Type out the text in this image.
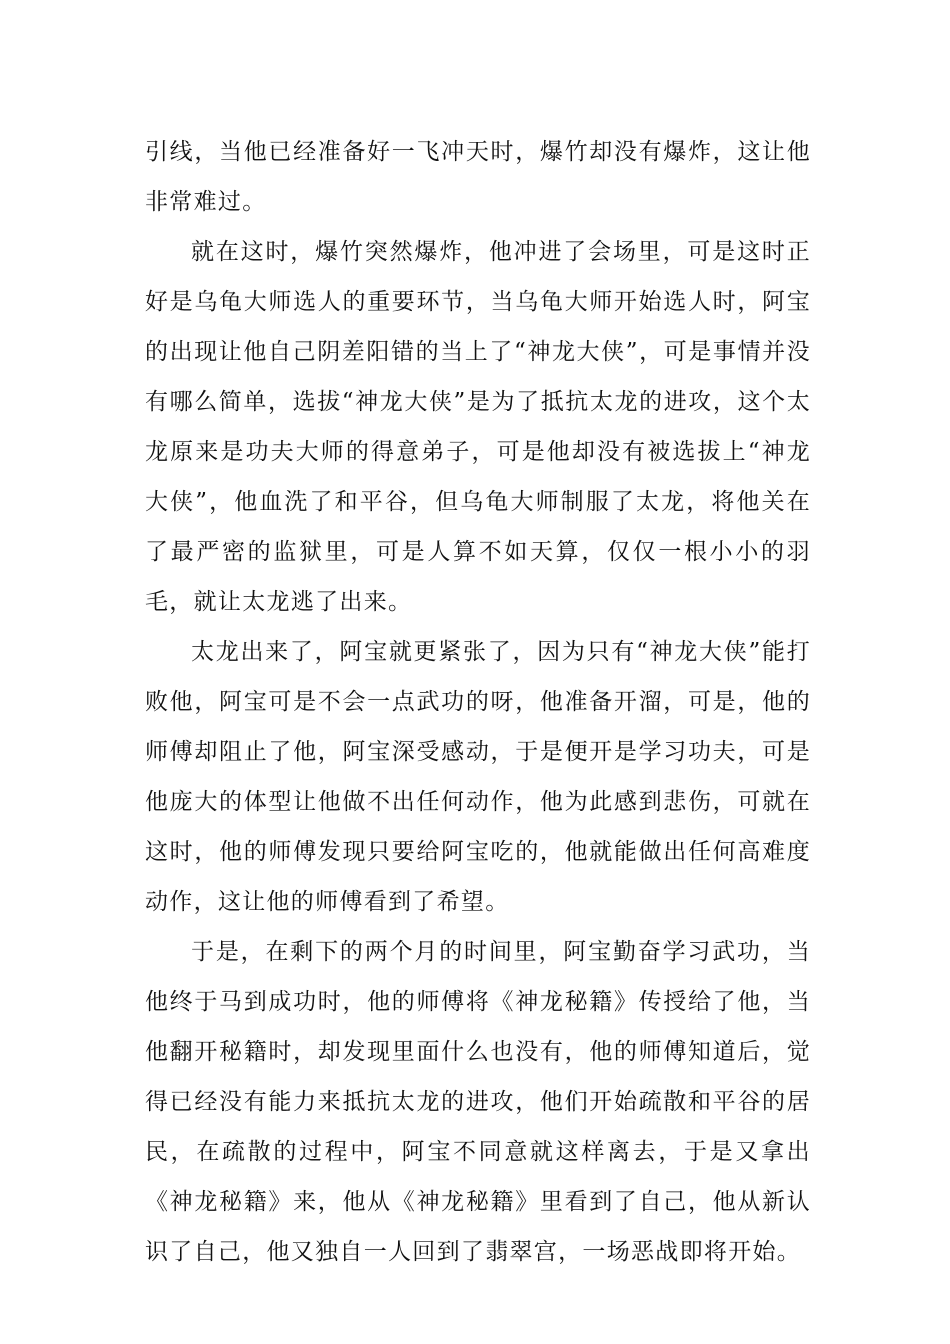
引线，当他已经准备好一飞冲天时，爆竹却没有爆炸，这让他非常难过。

就在这时，爆竹突然爆炸，他冲进了会场里，可是这时正好是乌龟大师选人的重要环节，当乌龟大师开始选人时，阿宝的出现让他自己阴差阳错的当上了“神龙大侠”，可是事情并没有哪么简单，选拔“神龙大侠”是为了抵抗太龙的进攻，这个太龙原来是功夫大师的得意弟子，可是他却没有被选拔上“神龙大侠”，他血洗了和平谷，但乌龟大师制服了太龙，将他关在了最严密的监狱里，可是人算不如天算，仅仅一根小小的羽毛，就让太龙逃了出来。

太龙出来了，阿宝就更紧张了，因为只有“神龙大侠”能打败他，阿宝可是不会一点武功的呀，他准备开溜，可是，他的师傅却阻止了他，阿宝深受感动，于是便开是学习功夫，可是他庞大的体型让他做不出任何动作，他为此感到悲伤，可就在这时，他的师傅发现只要给阿宝吃的，他就能做出任何高难度动作，这让他的师傅看到了希望。

于是，在剩下的两个月的时间里，阿宝勤奋学习武功，当他终于马到成功时，他的师傅将《神龙秘籍》传授给了他，当他翻开秘籍时，却发现里面什么也没有，他的师傅知道后，觉得已经没有能力来抵抗太龙的进攻，他们开始疏散和平谷的居民，在疏散的过程中，阿宝不同意就这样离去，于是又拿出《神龙秘籍》来，他从《神龙秘籍》里看到了自己，他从新认识了自己，他又独自一人回到了翡翠宫，一场恶战即将开始。
